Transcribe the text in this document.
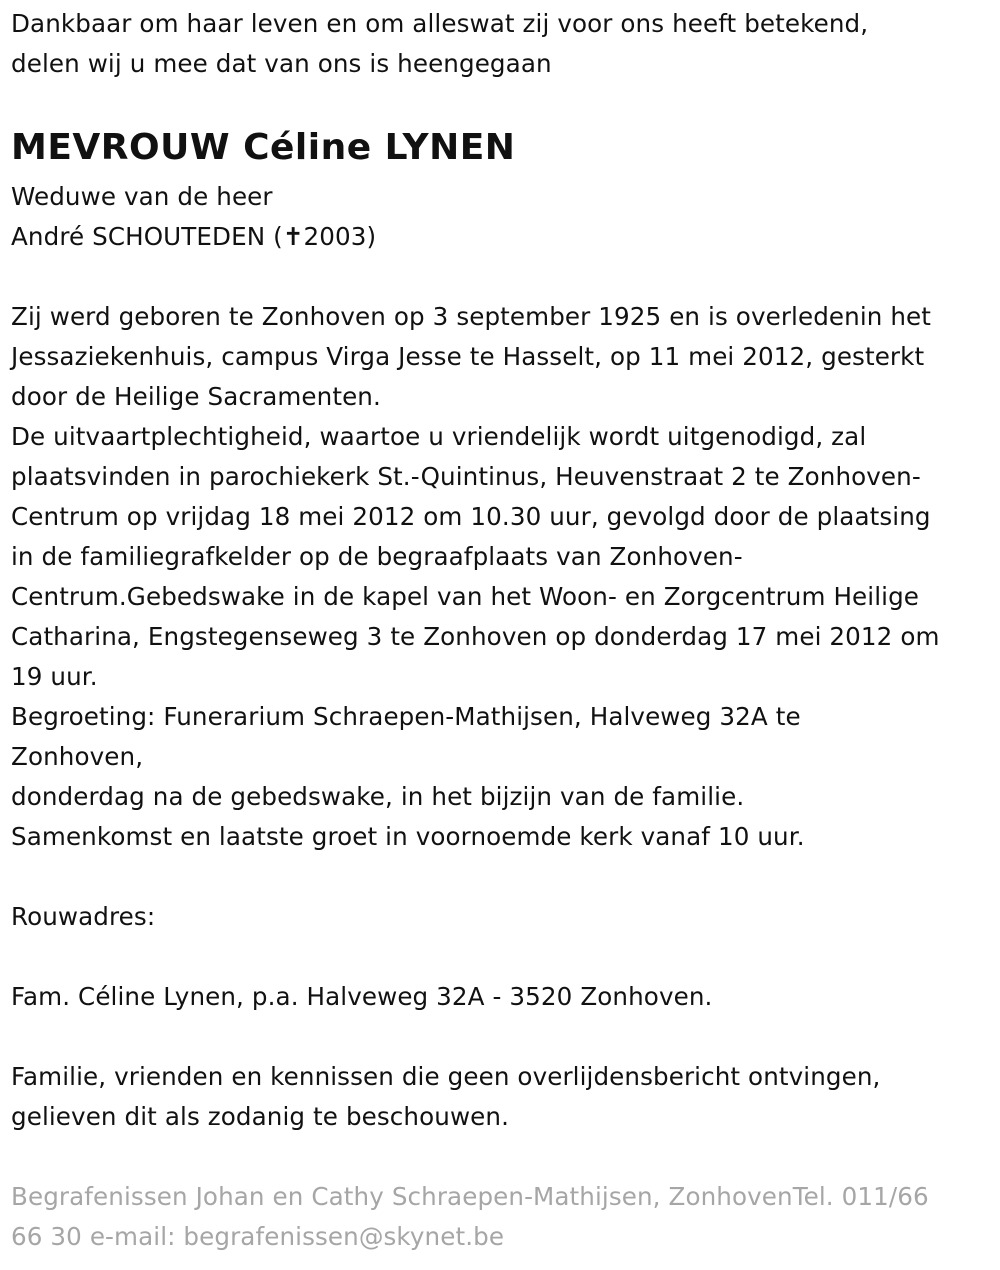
Dankbaar om haar leven en om alleswat zij voor ons heeft betekend,
delen wij u mee dat van ons is heengegaan
MEVROUW Céline LYNEN
Weduwe van de heer
André SCHOUTEDEN (✝2003)
Zij werd geboren te Zonhoven op 3 september 1925 en is overledenin het
Jessaziekenhuis, campus Virga Jesse te Hasselt, op 11 mei 2012, gesterkt
door de Heilige Sacramenten.
De uitvaartplechtigheid, waartoe u vriendelijk wordt uitgenodigd, zal
plaatsvinden in parochiekerk St.-Quintinus, Heuvenstraat 2 te Zonhoven-
Centrum op vrijdag 18 mei 2012 om 10.30 uur, gevolgd door de plaatsing
in de familiegrafkelder op de begraafplaats van Zonhoven-
Centrum.Gebedswake in de kapel van het Woon- en Zorgcentrum Heilige
Catharina, Engstegenseweg 3 te Zonhoven op donderdag 17 mei 2012 om
19 uur.
Begroeting: Funerarium Schraepen-Mathijsen, Halveweg 32A te
Zonhoven,
donderdag na de gebedswake, in het bijzijn van de familie.
Samenkomst en laatste groet in voornoemde kerk vanaf 10 uur.
Rouwadres:
Fam. Céline Lynen, p.a. Halveweg 32A - 3520 Zonhoven.
Familie, vrienden en kennissen die geen overlijdensbericht ontvingen,
gelieven dit als zodanig te beschouwen.
Begrafenissen Johan en Cathy Schraepen-Mathijsen, ZonhovenTel. 011/66
66 30 e-mail: begrafenissen@skynet.be
